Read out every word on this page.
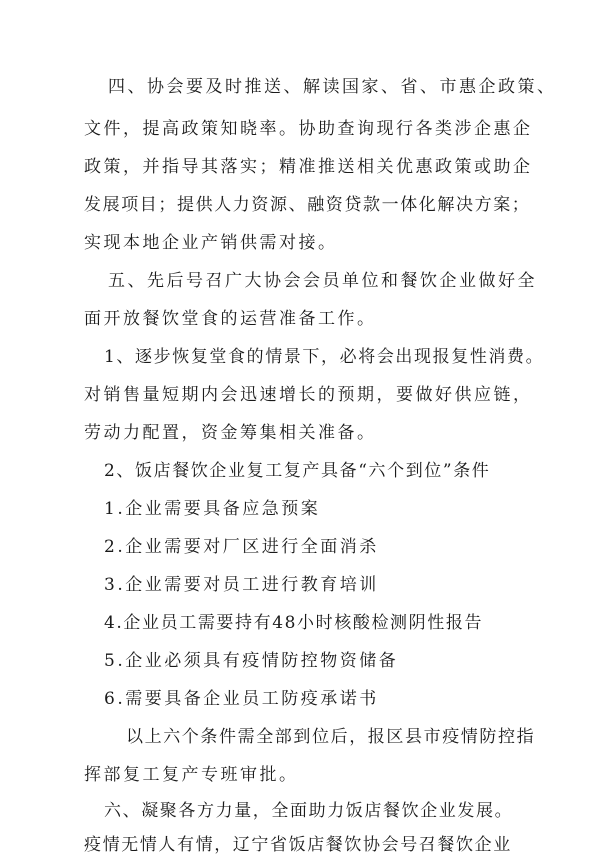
四、协会要及时推送、解读国家、省、市惠企政策、
文件，提高政策知晓率。协助查询现行各类涉企惠企
政策，并指导其落实；精准推送相关优惠政策或助企
发展项目；提供人力资源、融资贷款一体化解决方案；
实现本地企业产销供需对接。
五、先后号召广大协会会员单位和餐饮企业做好全
面开放餐饮堂食的运营准备工作。
1、逐步恢复堂食的情景下，必将会出现报复性消费。
对销售量短期内会迅速增长的预期，要做好供应链，
劳动力配置，资金筹集相关准备。
2、饭店餐饮企业复工复产具备“六个到位”条件
1.企业需要具备应急预案
2.企业需要对厂区进行全面消杀
3.企业需要对员工进行教育培训
4.企业员工需要持有48小时核酸检测阴性报告
5.企业必须具有疫情防控物资储备
6.需要具备企业员工防疫承诺书
以上六个条件需全部到位后，报区县市疫情防控指
挥部复工复产专班审批。
六、凝聚各方力量，全面助力饭店餐饮企业发展。
疫情无情人有情，辽宁省饭店餐饮协会号召餐饮企业
